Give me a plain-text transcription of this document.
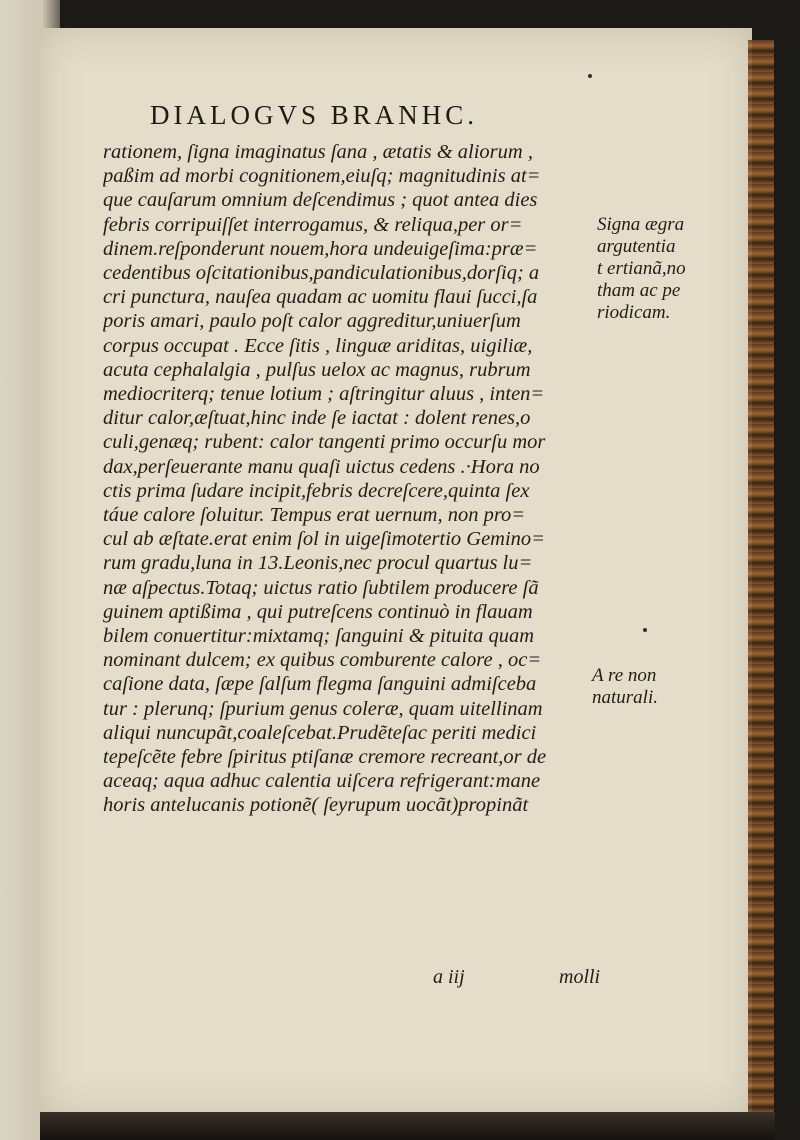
DIALOGVS BRANHC.
rationem, ſigna imaginatus ſana , ætatis & aliorum ,
paßim ad morbi cognitionem,eiuſq; magnitudinis at=
que cauſarum omnium deſcendimus ; quot antea dies
febris corripuiſſet interrogamus, & reliqua,per or=
dinem.reſponderunt nouem,hora undeuigeſima:præ=
cedentibus oſcitationibus,pandiculationibus,dorſiq; a
cri punctura, nauſea quadam ac uomitu flaui ſucci,ſa
poris amari, paulo poſt calor aggreditur,uniuerſum
corpus occupat . Ecce ſitis , linguæ ariditas, uigiliæ,
acuta cephalalgia , pulſus uelox ac magnus, rubrum
mediocriterq; tenue lotium ; aſtringitur aluus , inten=
ditur calor,æſtuat,hinc inde ſe iactat : dolent renes,o
culi,genæq; rubent: calor tangenti primo occurſu mor
dax,perſeuerante manu quaſi uictus cedens .·Hora no
ctis prima ſudare incipit,febris decreſcere,quinta ſex
táue calore ſoluitur. Tempus erat uernum, non pro=
cul ab æſtate.erat enim ſol in uigeſimotertio Gemino=
rum gradu,luna in 13.Leonis,nec procul quartus lu=
næ aſpectus.Totaq; uictus ratio ſubtilem producere ſã
guinem aptißima , qui putreſcens continuò in flauam
bilem conuertitur:mixtamq; ſanguini & pituita quam
nominant dulcem; ex quibus comburente calore , oc=
caſione data, ſæpe ſalſum flegma ſanguini admiſceba
tur : plerunq; ſpurium genus coleræ, quam uitellinam
aliqui nuncupãt,coaleſcebat.Prudẽteſac periti medici
tepeſcẽte febre ſpiritus ptiſanæ cremore recreant,or de
aceaq; aqua adhuc calentia uiſcera refrigerant:mane
horis antelucanis potionẽ( ſeyrupum uocãt)propinãt
Signa ægra
argutentia
t ertianã,no
tham ac pe
riodicam.
A re non
naturali.
a iij	molli
